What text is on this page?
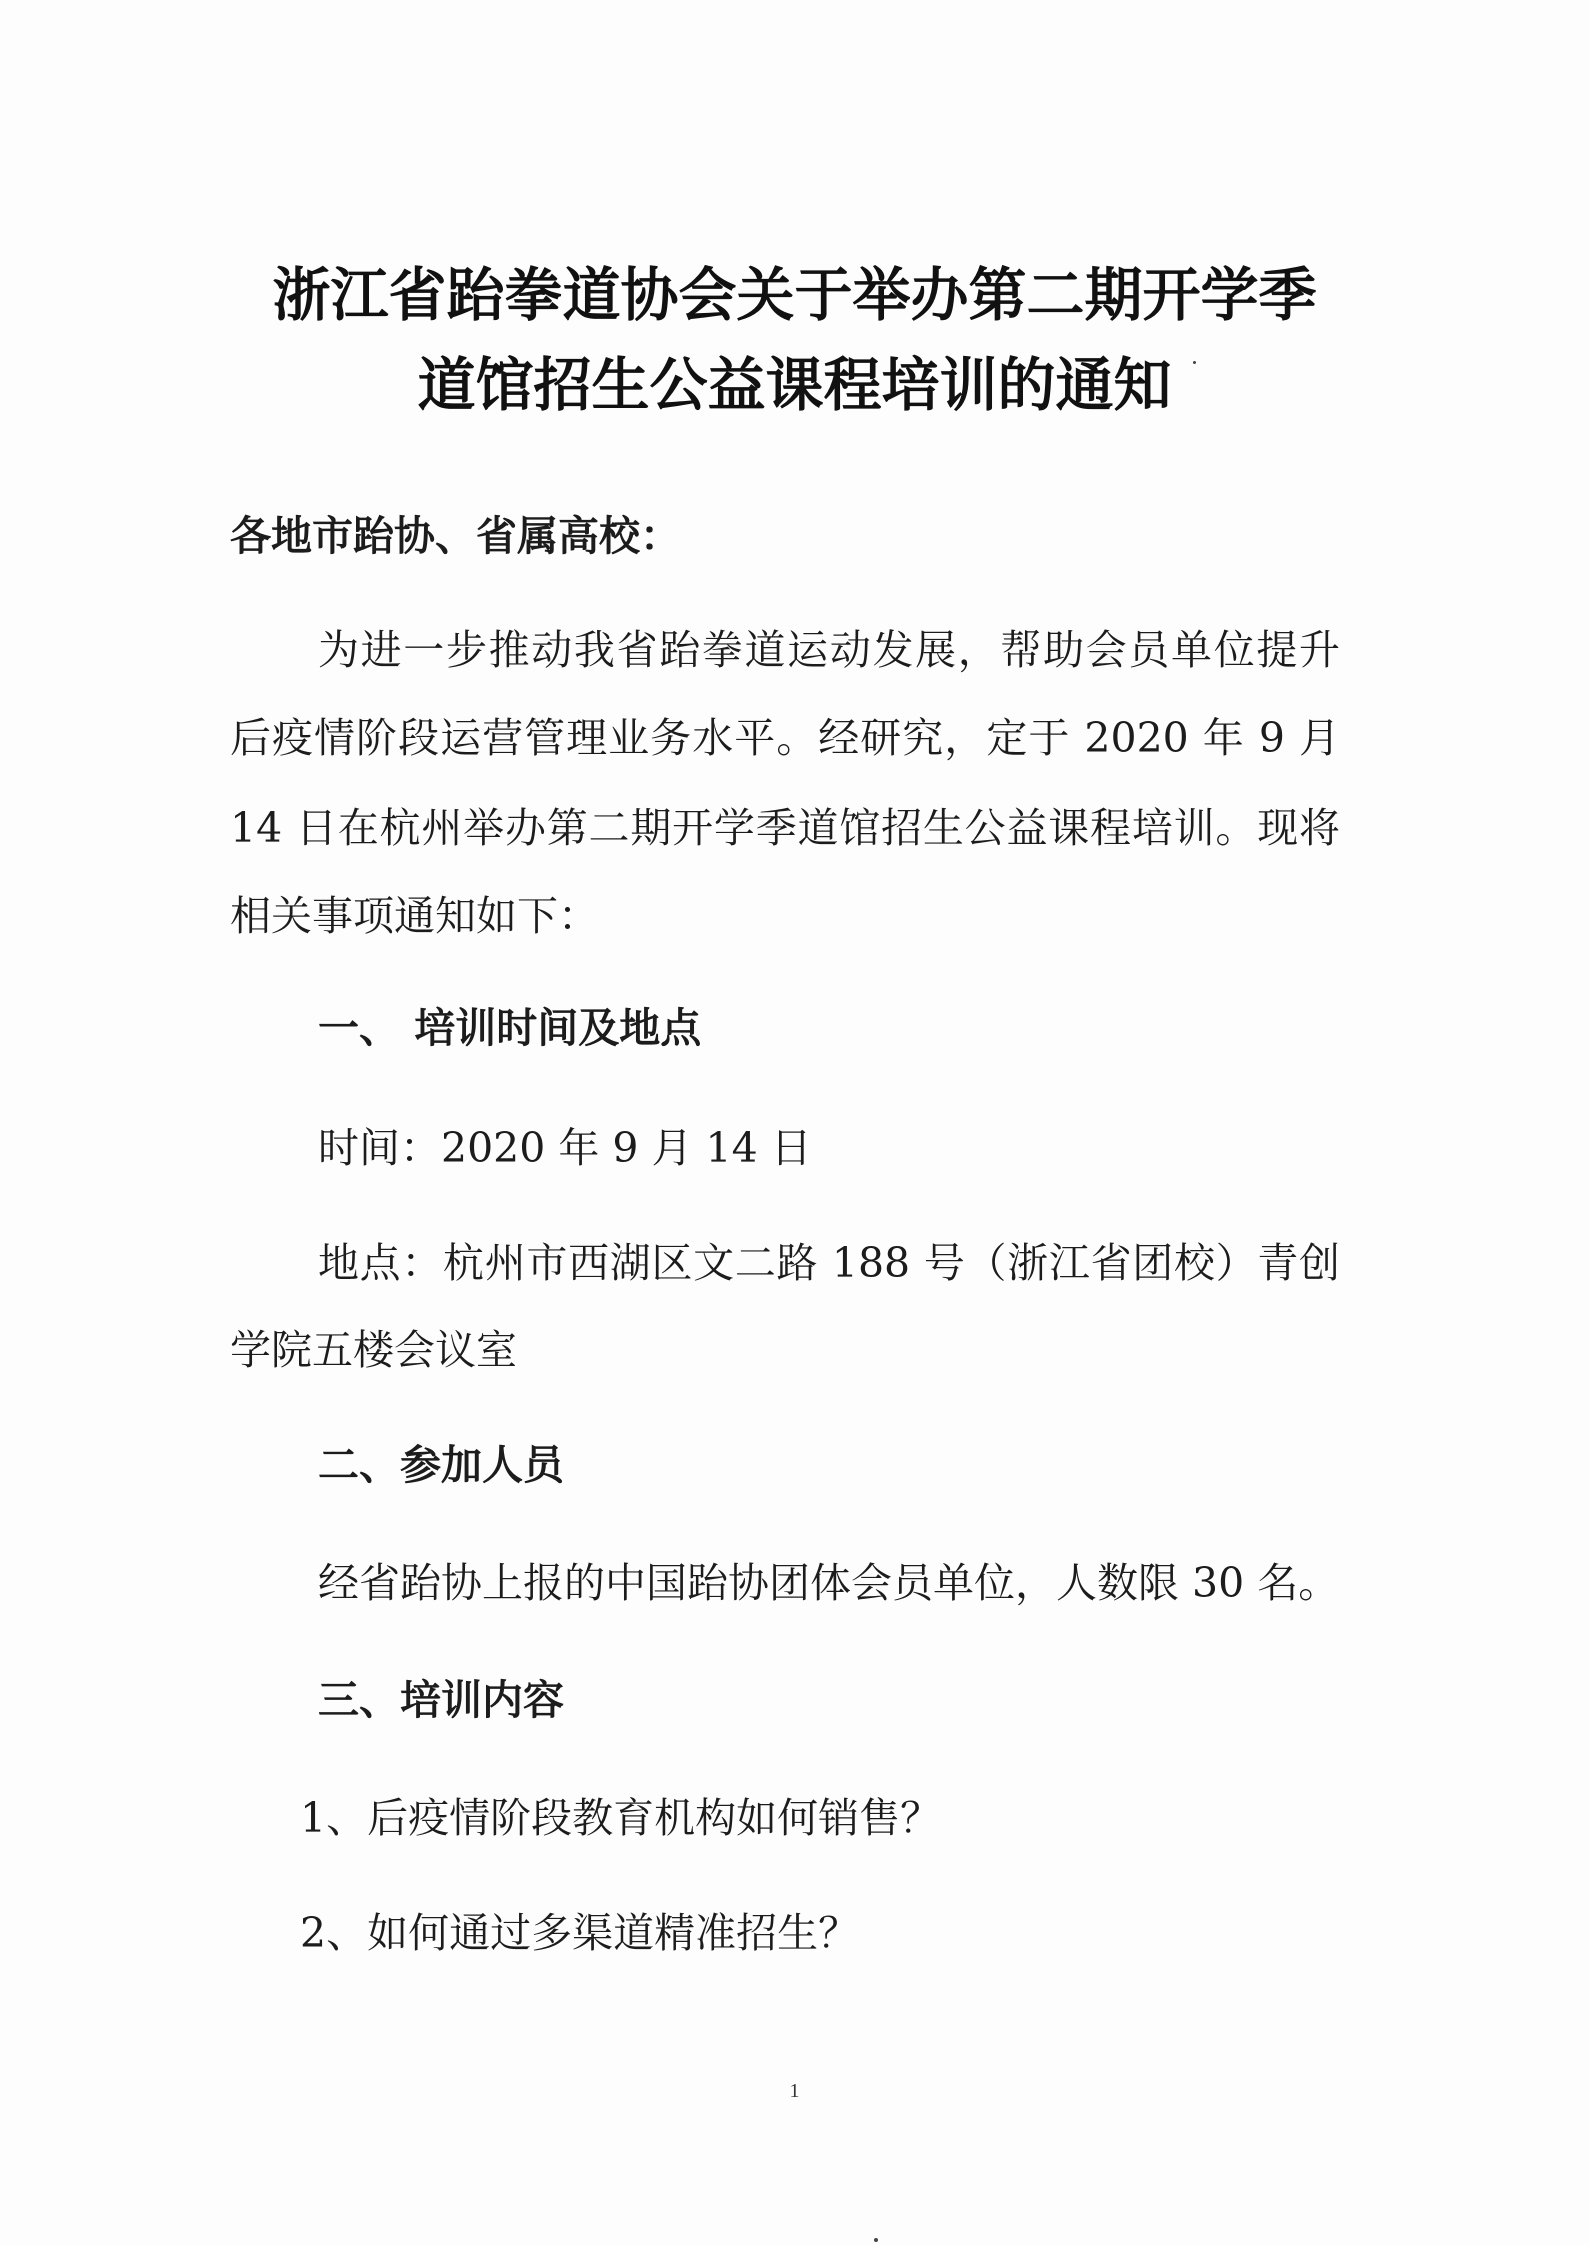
浙江省跆拳道协会关于举办第二期开学季
道馆招生公益课程培训的通知
各地市跆协、省属高校：
为进一步推动我省跆拳道运动发展，帮助会员单位提升
后疫情阶段运营管理业务水平。经研究，定于 2020 年 9 月
14 日在杭州举办第二期开学季道馆招生公益课程培训。现将
相关事项通知如下：
一、 培训时间及地点
时间：2020 年 9 月 14 日
地点：杭州市西湖区文二路 188 号（浙江省团校）青创
学院五楼会议室
二、参加人员
经省跆协上报的中国跆协团体会员单位，人数限 30 名。
三、培训内容
1、后疫情阶段教育机构如何销售？
2、如何通过多渠道精准招生？
1
